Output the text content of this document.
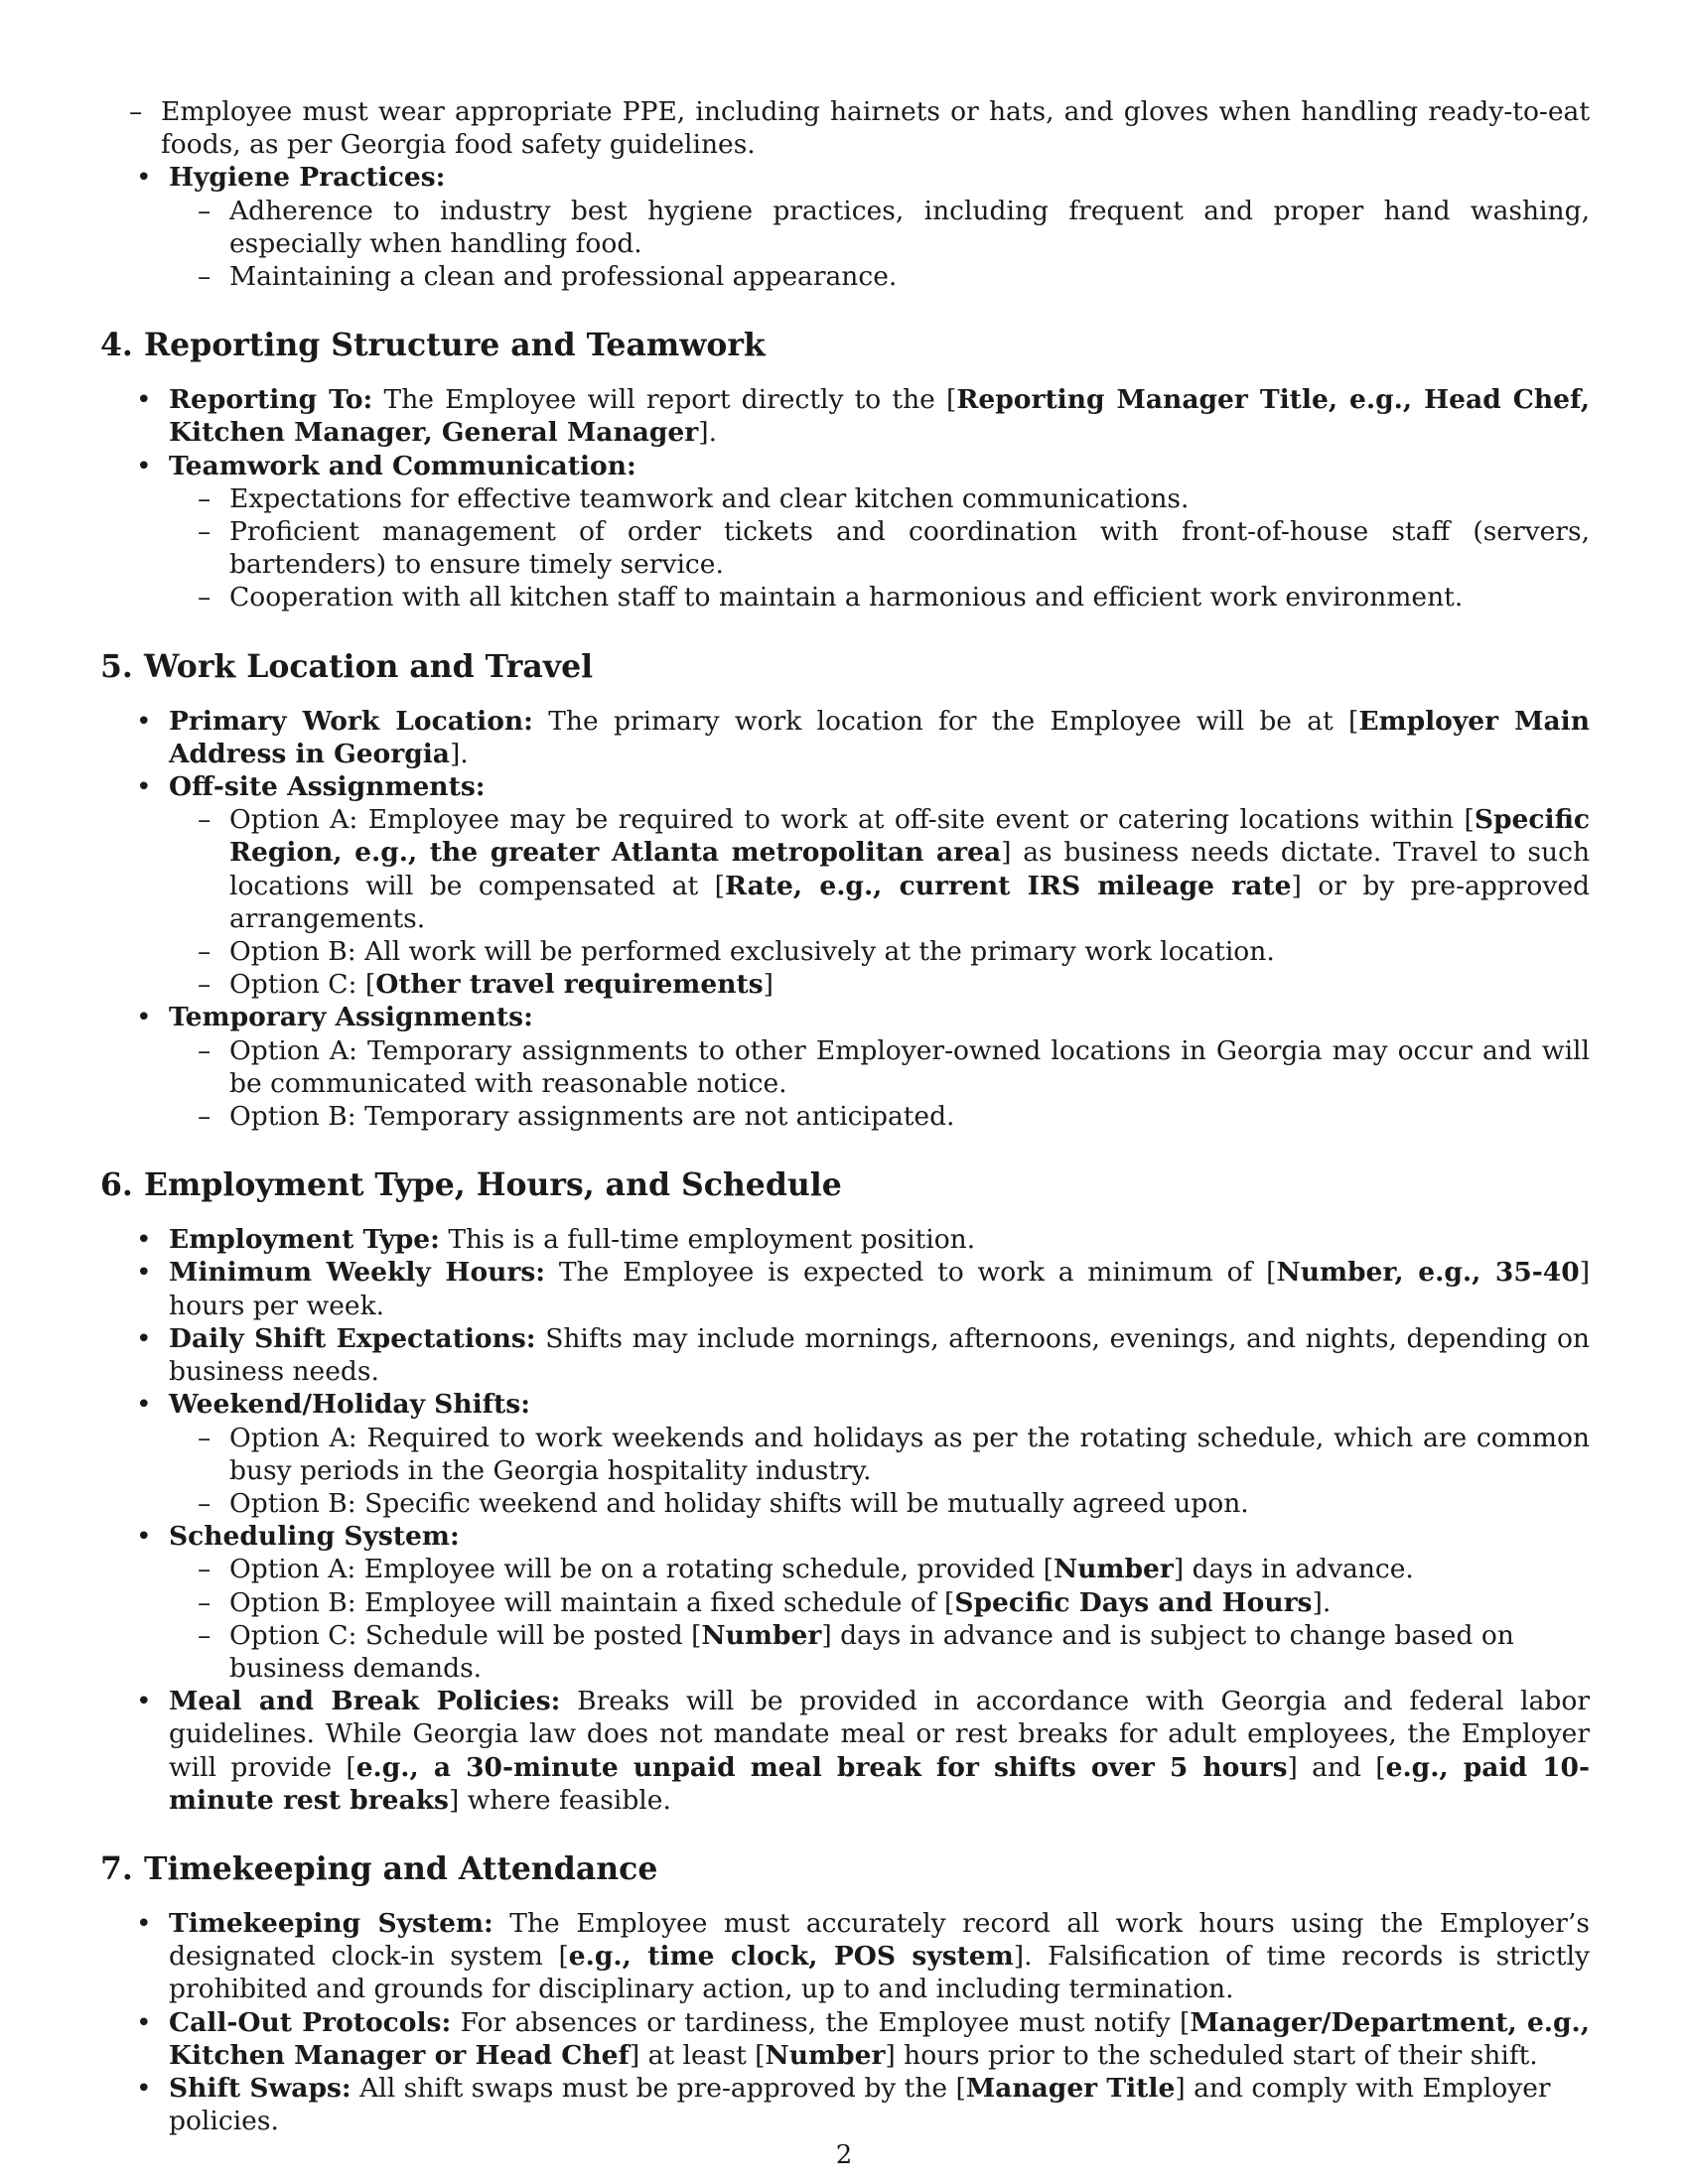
– Employee must wear appropriate PPE, including hairnets or hats, and gloves when handling ready-to-eat foods, as per Georgia food safety guidelines.
• Hygiene Practices:
– Adherence to industry best hygiene practices, including frequent and proper hand washing, especially when handling food.
– Maintaining a clean and professional appearance.
4. Reporting Structure and Teamwork
• Reporting To: The Employee will report directly to the [Reporting Manager Title, e.g., Head Chef, Kitchen Manager, General Manager].
• Teamwork and Communication:
– Expectations for effective teamwork and clear kitchen communications.
– Proficient management of order tickets and coordination with front-of-house staff (servers, bartenders) to ensure timely service.
– Cooperation with all kitchen staff to maintain a harmonious and efficient work environment.
5. Work Location and Travel
• Primary Work Location: The primary work location for the Employee will be at [Employer Main Address in Georgia].
• Off-site Assignments:
– Option A: Employee may be required to work at off-site event or catering locations within [Specific Region, e.g., the greater Atlanta metropolitan area] as business needs dictate. Travel to such locations will be compensated at [Rate, e.g., current IRS mileage rate] or by pre-approved arrangements.
– Option B: All work will be performed exclusively at the primary work location.
– Option C: [Other travel requirements]
• Temporary Assignments:
– Option A: Temporary assignments to other Employer-owned locations in Georgia may occur and will be communicated with reasonable notice.
– Option B: Temporary assignments are not anticipated.
6. Employment Type, Hours, and Schedule
• Employment Type: This is a full-time employment position.
• Minimum Weekly Hours: The Employee is expected to work a minimum of [Number, e.g., 35-40] hours per week.
• Daily Shift Expectations: Shifts may include mornings, afternoons, evenings, and nights, depending on business needs.
• Weekend/Holiday Shifts:
– Option A: Required to work weekends and holidays as per the rotating schedule, which are common busy periods in the Georgia hospitality industry.
– Option B: Specific weekend and holiday shifts will be mutually agreed upon.
• Scheduling System:
– Option A: Employee will be on a rotating schedule, provided [Number] days in advance.
– Option B: Employee will maintain a fixed schedule of [Specific Days and Hours].
– Option C: Schedule will be posted [Number] days in advance and is subject to change based on business demands.
• Meal and Break Policies: Breaks will be provided in accordance with Georgia and federal labor guidelines. While Georgia law does not mandate meal or rest breaks for adult employees, the Employer will provide [e.g., a 30-minute unpaid meal break for shifts over 5 hours] and [e.g., paid 10-minute rest breaks] where feasible.
7. Timekeeping and Attendance
• Timekeeping System: The Employee must accurately record all work hours using the Employer’s designated clock-in system [e.g., time clock, POS system]. Falsification of time records is strictly prohibited and grounds for disciplinary action, up to and including termination.
• Call-Out Protocols: For absences or tardiness, the Employee must notify [Manager/Department, e.g., Kitchen Manager or Head Chef] at least [Number] hours prior to the scheduled start of their shift.
• Shift Swaps: All shift swaps must be pre-approved by the [Manager Title] and comply with Employer policies.
2
